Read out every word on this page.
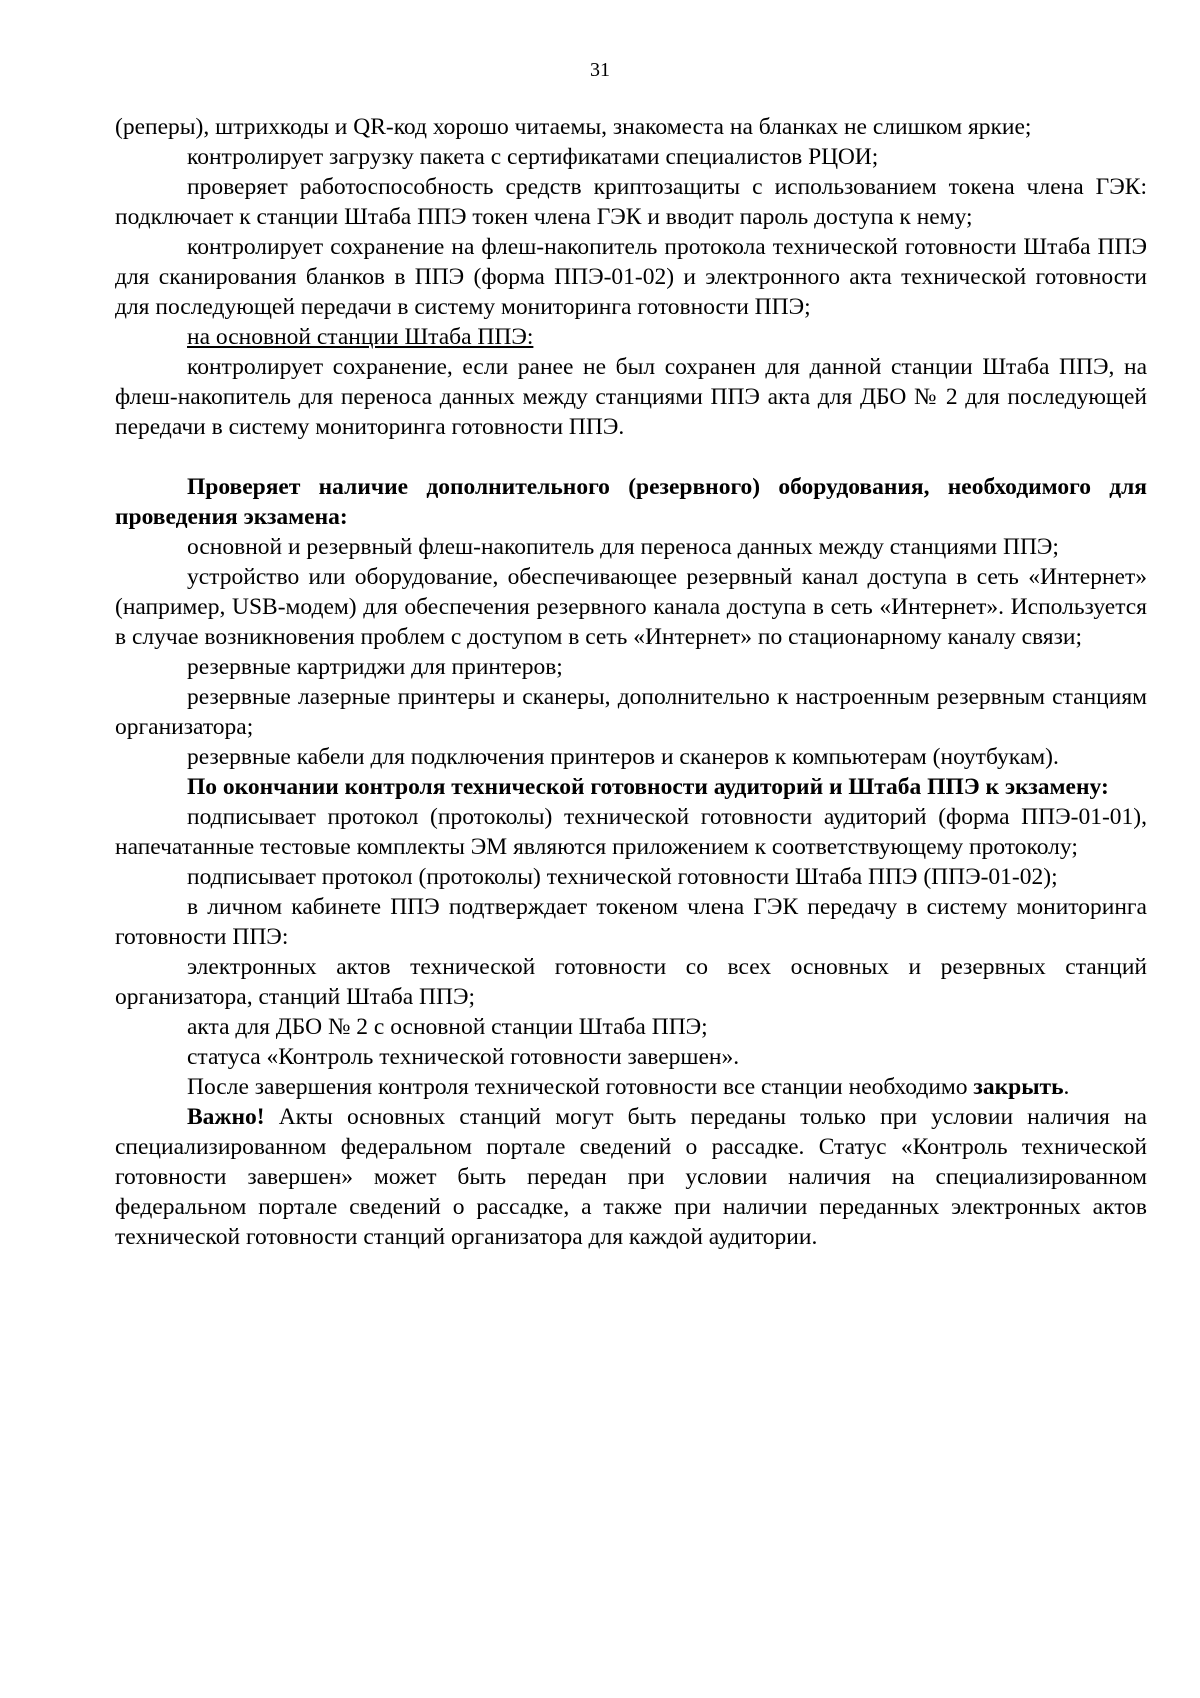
31

(реперы), штрихкоды и QR-код хорошо читаемы, знакоместа на бланках не слишком яркие;

контролирует загрузку пакета с сертификатами специалистов РЦОИ;

проверяет работоспособность средств криптозащиты с использованием токена члена ГЭК: подключает к станции Штаба ППЭ токен члена ГЭК и вводит пароль доступа к нему;

контролирует сохранение на флеш-накопитель протокола технической готовности Штаба ППЭ для сканирования бланков в ППЭ (форма ППЭ-01-02) и электронного акта технической готовности для последующей передачи в систему мониторинга готовности ППЭ;

на основной станции Штаба ППЭ:

контролирует сохранение, если ранее не был сохранен для данной станции Штаба ППЭ, на флеш-накопитель для переноса данных между станциями ППЭ акта для ДБО № 2 для последующей передачи в систему мониторинга готовности ППЭ.

Проверяет наличие дополнительного (резервного) оборудования, необходимого для проведения экзамена:

основной и резервный флеш-накопитель для переноса данных между станциями ППЭ;

устройство или оборудование, обеспечивающее резервный канал доступа в сеть «Интернет» (например, USB-модем) для обеспечения резервного канала доступа в сеть «Интернет». Используется в случае возникновения проблем с доступом в сеть «Интернет» по стационарному каналу связи;

резервные картриджи для принтеров;

резервные лазерные принтеры и сканеры, дополнительно к настроенным резервным станциям организатора;

резервные кабели для подключения принтеров и сканеров к компьютерам (ноутбукам).

По окончании контроля технической готовности аудиторий и Штаба ППЭ к экзамену:

подписывает протокол (протоколы) технической готовности аудиторий (форма ППЭ-01-01), напечатанные тестовые комплекты ЭМ являются приложением к соответствующему протоколу;

подписывает протокол (протоколы) технической готовности Штаба ППЭ (ППЭ-01-02);

в личном кабинете ППЭ подтверждает токеном члена ГЭК передачу в систему мониторинга готовности ППЭ:

электронных актов технической готовности со всех основных и резервных станций организатора, станций Штаба ППЭ;

акта для ДБО № 2 с основной станции Штаба ППЭ;

статуса «Контроль технической готовности завершен».

После завершения контроля технической готовности все станции необходимо закрыть.

Важно! Акты основных станций могут быть переданы только при условии наличия на специализированном федеральном портале сведений о рассадке. Статус «Контроль технической готовности завершен» может быть передан при условии наличия на специализированном федеральном портале сведений о рассадке, а также при наличии переданных электронных актов технической готовности станций организатора для каждой аудитории.
